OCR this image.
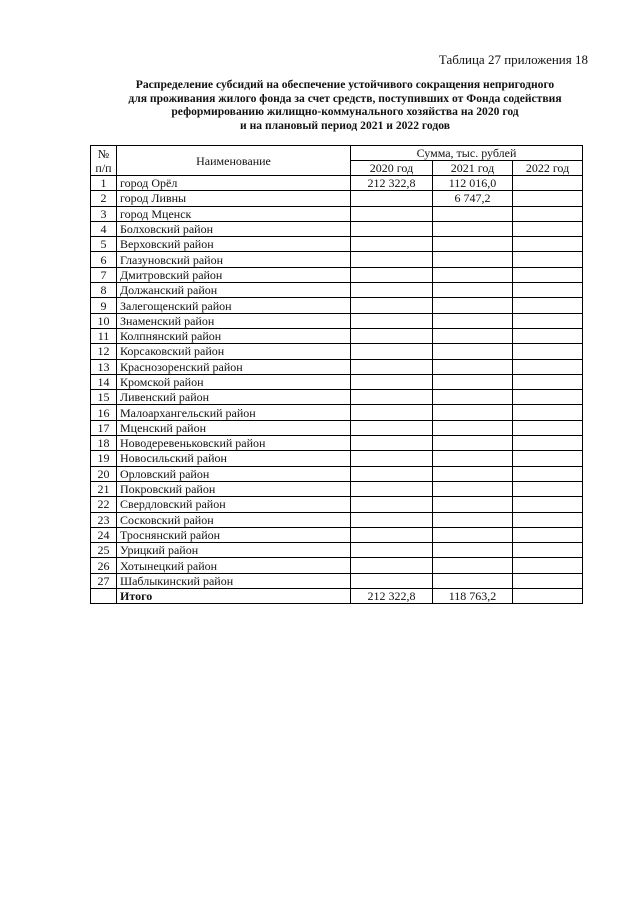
Таблица 27 приложения 18
Распределение субсидий на обеспечение устойчивого сокращения непригодного
для проживания жилого фонда за счет средств, поступивших от Фонда содействия
реформированию жилищно-коммунального хозяйства на 2020 год
и на плановый период 2021 и 2022 годов
№
п/п	Наименование	Сумма, тыс. рублей		
		2020 год	2021 год	2022 год
1	город Орёл	212 322,8	112 016,0	
2	город Ливны		6 747,2	
3	город Мценск			
4	Болховский район			
5	Верховский район			
6	Глазуновский район			
7	Дмитровский район			
8	Должанский район			
9	Залегощенский район			
10	Знаменский район			
11	Колпнянский район			
12	Корсаковский район			
13	Краснозоренский район			
14	Кромской район			
15	Ливенский район			
16	Малоархангельский район			
17	Мценский район			
18	Новодеревеньковский район			
19	Новосильский район			
20	Орловский район			
21	Покровский район			
22	Свердловский район			
23	Сосковский район			
24	Троснянский район			
25	Урицкий район			
26	Хотынецкий район			
27	Шаблыкинский район			
	Итого	212 322,8	118 763,2	
